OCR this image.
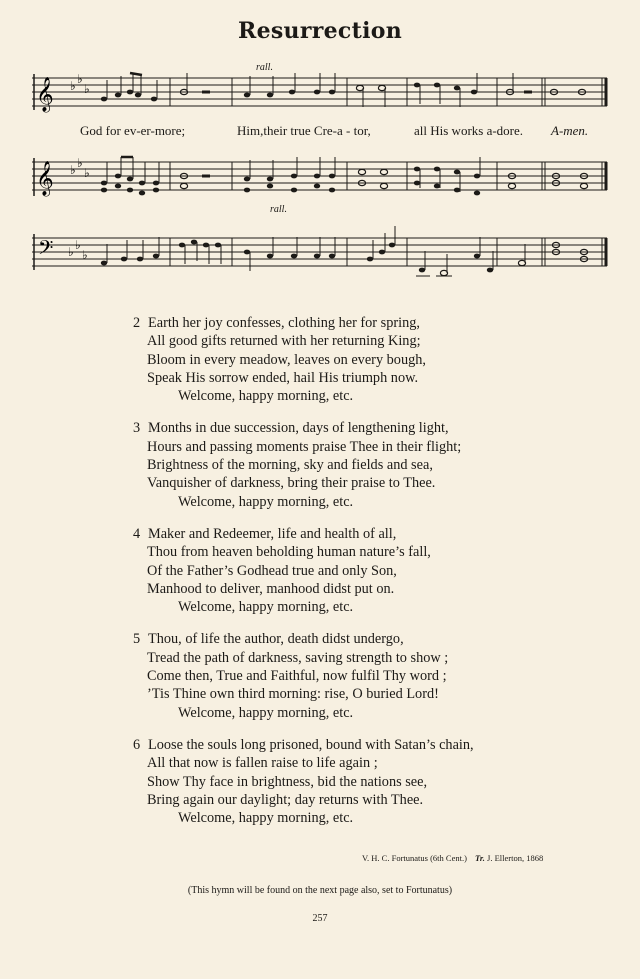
Resurrection
𝄞 ♭ ♭
♭
rall.
God for ev-er-more;	Him,their true Cre-a - tor,	all His works a-dore. A-men.
𝄞 ♭ ♭
♭
rall.
𝄢 ♭ ♭
♭
2 Earth her joy confesses, clothing her for spring,
All good gifts returned with her returning King;
Bloom in every meadow, leaves on every bough,
Speak His sorrow ended, hail His triumph now.
Welcome, happy morning, etc.
3 Months in due succession, days of lengthening light,
Hours and passing moments praise Thee in their flight;
Brightness of the morning, sky and fields and sea,
Vanquisher of darkness, bring their praise to Thee.
Welcome, happy morning, etc.
4 Maker and Redeemer, life and health of all,
Thou from heaven beholding human nature’s fall,
Of the Father’s Godhead true and only Son,
Manhood to deliver, manhood didst put on.
Welcome, happy morning, etc.
5 Thou, of life the author, death didst undergo,
Tread the path of darkness, saving strength to show ;
Come then, True and Faithful, now fulfil Thy word ;
’Tis Thine own third morning: rise, O buried Lord!
Welcome, happy morning, etc.
6 Loose the souls long prisoned, bound with Satan’s chain,
All that now is fallen raise to life again ;
Show Thy face in brightness, bid the nations see,
Bring again our daylight; day returns with Thee.
Welcome, happy morning, etc.
V. H. C. Fortunatus (6th Cent.) Tr. J. Ellerton, 1868
(This hymn will be found on the next page also, set to Fortunatus)
257
